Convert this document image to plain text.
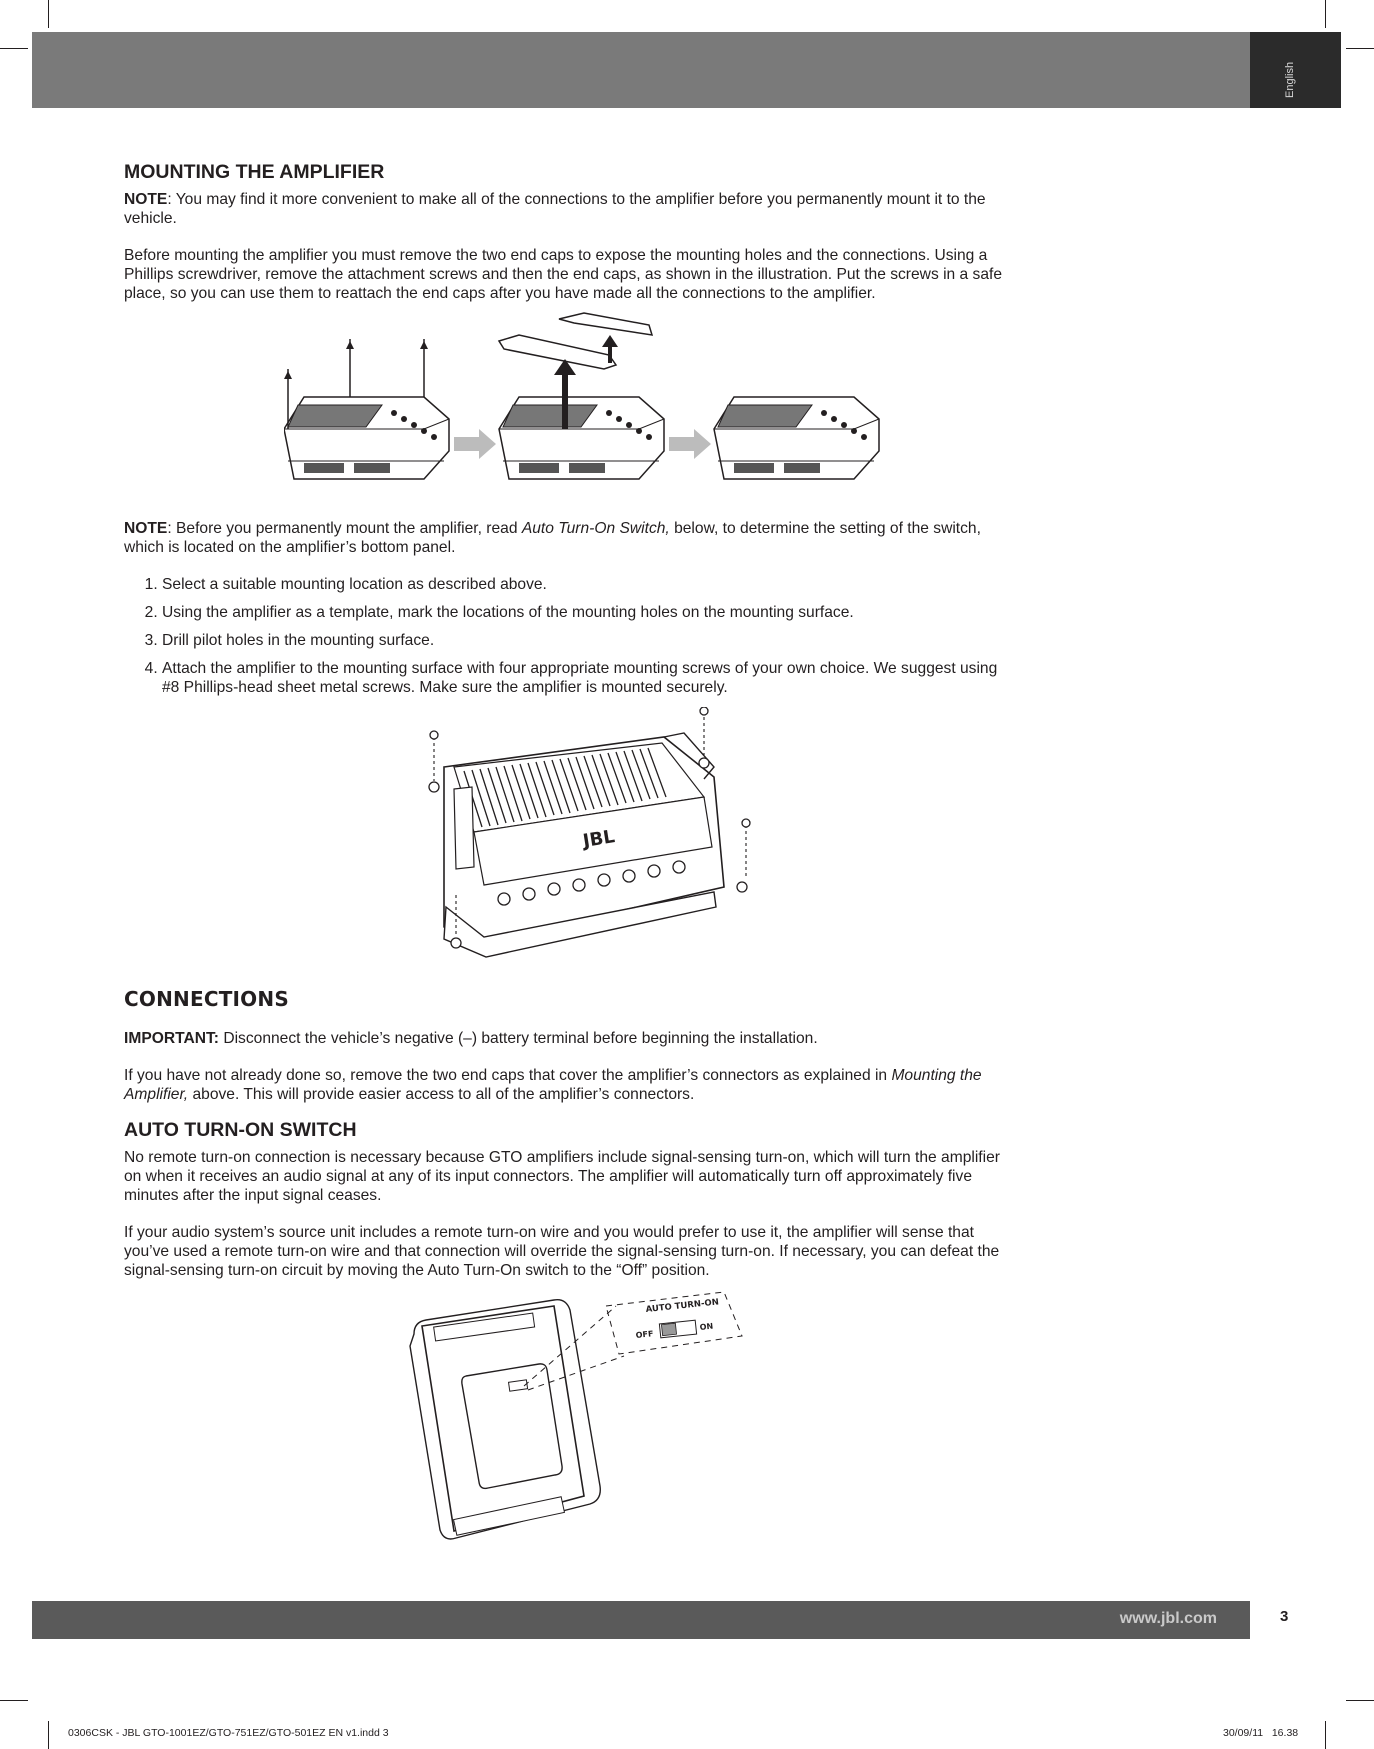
English
MOUNTING THE AMPLIFIER

NOTE: You may find it more convenient to make all of the connections to the amplifier before you permanently mount it to the vehicle.

Before mounting the amplifier you must remove the two end caps to expose the mounting holes and the connections. Using a Phillips screwdriver, remove the attachment screws and then the end caps, as shown in the illustration. Put the screws in a safe place, so you can use them to reattach the end caps after you have made all the connections to the amplifier.

NOTE: Before you permanently mount the amplifier, read Auto Turn-On Switch, below, to determine the setting of the switch, which is located on the amplifier’s bottom panel.

1. Select a suitable mounting location as described above.
2. Using the amplifier as a template, mark the locations of the mounting holes on the mounting surface.
3. Drill pilot holes in the mounting surface.
4. Attach the amplifier to the mounting surface with four appropriate mounting screws of your own choice. We suggest using #8 Phillips-head sheet metal screws. Make sure the amplifier is mounted securely.
JBL
CONNECTIONS

IMPORTANT: Disconnect the vehicle’s negative (–) battery terminal before beginning the installation.

If you have not already done so, remove the two end caps that cover the amplifier’s connectors as explained in Mounting the Amplifier, above. This will provide easier access to all of the amplifier’s connectors.

AUTO TURN-ON SWITCH

No remote turn-on connection is necessary because GTO amplifiers include signal-sensing turn-on, which will turn the amplifier on when it receives an audio signal at any of its input connectors. The amplifier will automatically turn off approximately five minutes after the input signal ceases.

If your audio system’s source unit includes a remote turn-on wire and you would prefer to use it, the amplifier will sense that you’ve used a remote turn-on wire and that connection will override the signal-sensing turn-on. If necessary, you can defeat the signal-sensing turn-on circuit by moving the Auto Turn-On switch to the “Off” position.

AUTO TURN-ON
OFF
ON
www.jbl.com	3
0306CSK - JBL GTO-1001EZ/GTO-751EZ/GTO-501EZ EN v1.indd 3	30/09/11   16.38
